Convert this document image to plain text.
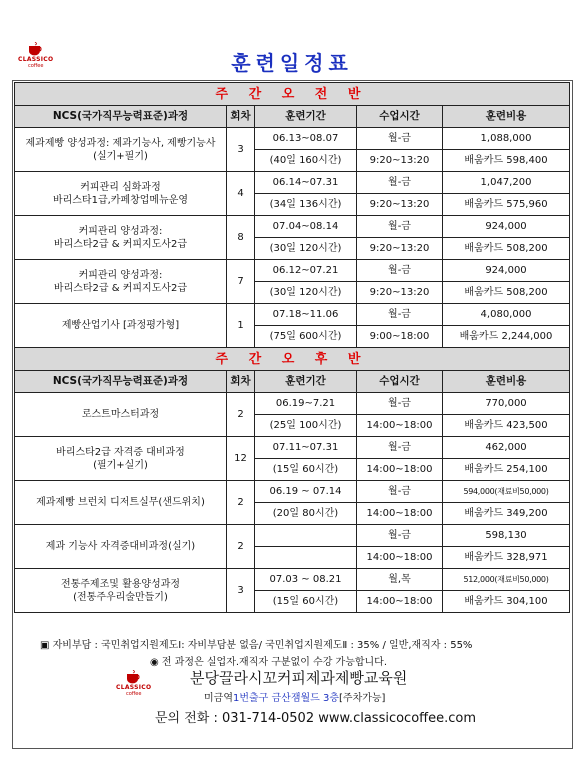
CLASSICO
coffee	훈련일정표
주 간 오 전 반				
NCS(국가직무능력표준)과정	회차	훈련기간	수업시간	훈련비용
제과제빵 양성과정: 제과기능사, 제빵기능사
(실기+필기)	3	06.13~08.07	월-금	1,088,000
		(40일 160시간)	9:20~13:20	배움카드 598,400
커피관리 심화과정
바리스타1급,카페창업메뉴운영	4	06.14~07.31	월-금	1,047,200
		(34일 136시간)	9:20~13:20	배움카드 575,960
커피관리 양성과정:
바리스타2급 & 커피지도사2급	8	07.04~08.14	월-금	924,000
		(30일 120시간)	9:20~13:20	배움카드 508,200
커피관리 양성과정:
바리스타2급 & 커피지도사2급	7	06.12~07.21	월-금	924,000
		(30일 120시간)	9:20~13:20	배움카드 508,200
제빵산업기사 [과정평가형]	1	07.18~11.06	월-금	4,080,000
		(75일 600시간)	9:00~18:00	배움카드 2,244,000
주 간 오 후 반				
NCS(국가직무능력표준)과정	회차	훈련기간	수업시간	훈련비용
로스트마스터과정	2	06.19~7.21	월-금	770,000
		(25일 100시간)	14:00~18:00	배움카드 423,500
바리스타2급 자격증 대비과정
(필기+실기)	12	07.11~07.31	월-금	462,000
		(15일 60시간)	14:00~18:00	배움카드 254,100
제과제빵 브런치 디저트실무(샌드위치)	2	06.19 ~ 07.14	월-금	594,000(재료비50,000)
		(20일 80시간)	14:00~18:00	배움카드 349,200
제과 기능사 자격증대비과정(실기)	2		월-금	598,130
			14:00~18:00	배움카드 328,971
전통주제조및 활용양성과정
(전통주우리술만들기)	3	07.03 ~ 08.21	월,목	512,000(재료비50,000)
		(15일 60시간)	14:00~18:00	배움카드 304,100
▣ 자비부담 : 국민취업지원제도Ⅰ: 자비부담분 없음/ 국민취업지원제도Ⅱ : 35% / 일반,재직자 : 55%
◉ 전 과정은 실업자.재직자 구분없이 수강 가능합니다.
CLASSICO
coffee
분당끌라시꼬커피제과제빵교육원
미금역1번출구 금산잼월드 3층[주차가능]
문의 전화 : 031-714-0502 www.classicocoffee.com
